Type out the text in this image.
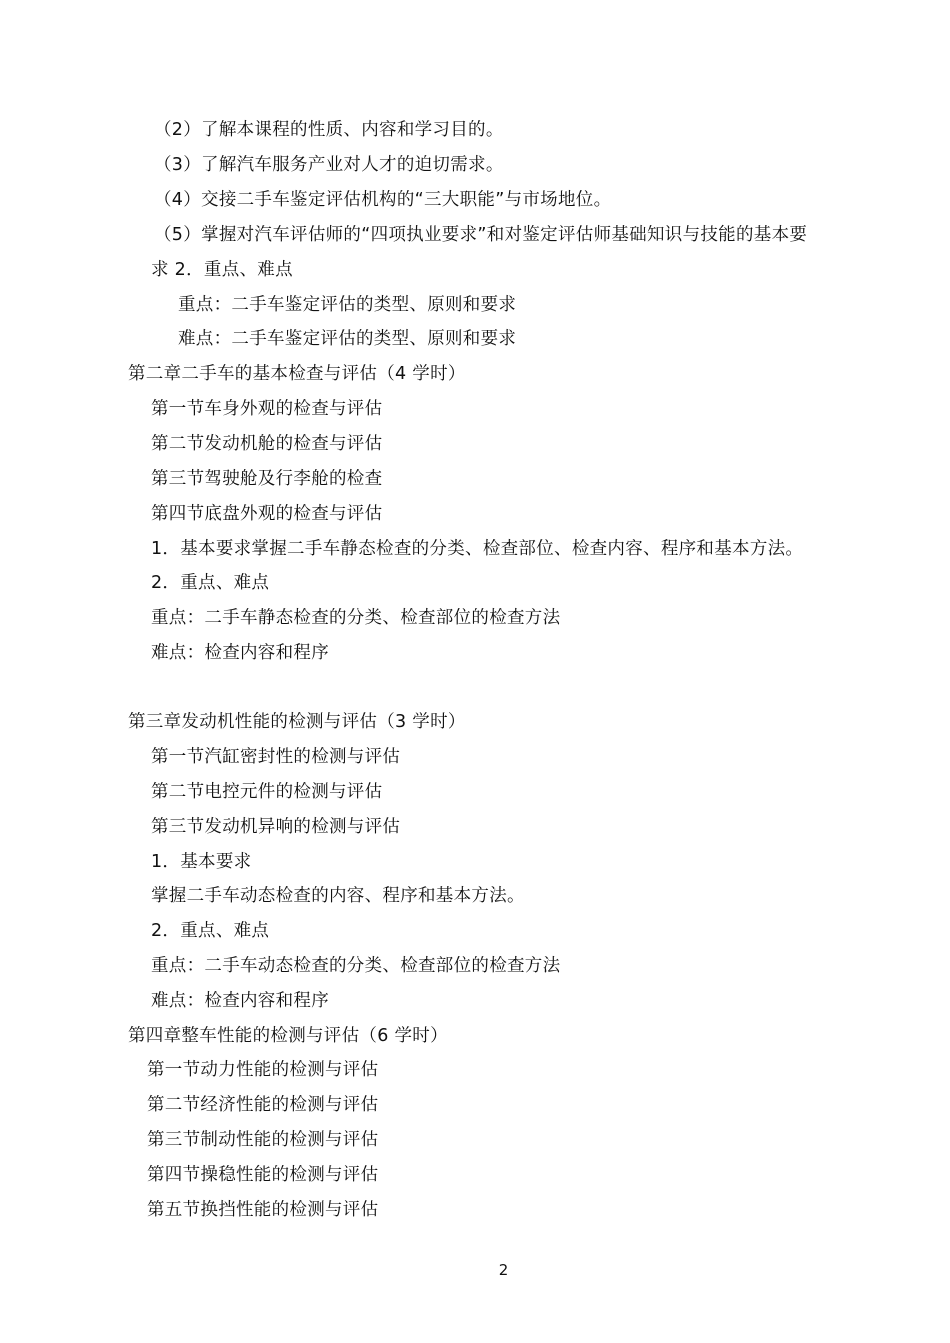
（2）了解本课程的性质、内容和学习目的。
（3）了解汽车服务产业对人才的迫切需求。
（4）交接二手车鉴定评估机构的“三大职能”与市场地位。
（5）掌握对汽车评估师的“四项执业要求”和对鉴定评估师基础知识与技能的基本要
求 2．重点、难点
重点：二手车鉴定评估的类型、原则和要求
难点：二手车鉴定评估的类型、原则和要求
第二章二手车的基本检查与评估（4 学时）
第一节车身外观的检查与评估
第二节发动机舱的检查与评估
第三节驾驶舱及行李舱的检查
第四节底盘外观的检查与评估
1．基本要求掌握二手车静态检查的分类、检查部位、检查内容、程序和基本方法。
2．重点、难点
重点：二手车静态检查的分类、检查部位的检查方法
难点：检查内容和程序
第三章发动机性能的检测与评估（3 学时）
第一节汽缸密封性的检测与评估
第二节电控元件的检测与评估
第三节发动机异响的检测与评估
1．基本要求
掌握二手车动态检查的内容、程序和基本方法。
2．重点、难点
重点：二手车动态检查的分类、检查部位的检查方法
难点：检查内容和程序
第四章整车性能的检测与评估（6 学时）
第一节动力性能的检测与评估
第二节经济性能的检测与评估
第三节制动性能的检测与评估
第四节操稳性能的检测与评估
第五节换挡性能的检测与评估
2
